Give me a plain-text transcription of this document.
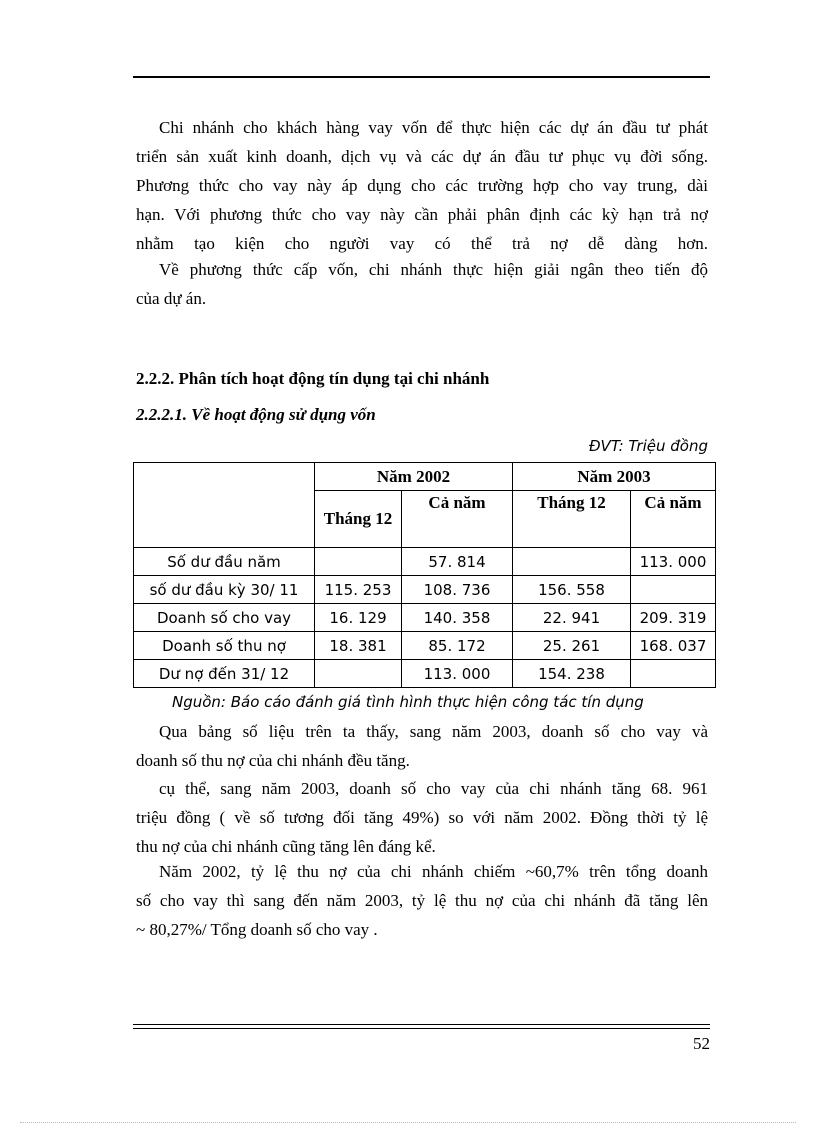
Chi nhánh cho khách hàng vay vốn để thực hiện các dự án đầu tư phát
triển sản xuất kinh doanh, dịch vụ và các dự án đầu tư phục vụ đời sống.
Phương thức cho vay này áp dụng cho các trường hợp cho vay trung, dài
hạn. Với phương thức cho vay này cần phải phân định các kỳ hạn trả nợ
nhằm tạo kiện cho người vay có thể trả nợ dễ dàng hơn.
Về phương thức cấp vốn, chi nhánh thực hiện giải ngân theo tiến độ
của dự án.
2.2.2. Phân tích hoạt động tín dụng tại chi nhánh
2.2.2.1. Về hoạt động sử dụng vốn
ĐVT: Triệu đồng
	Năm 2002		Năm 2003	
	Tháng 12	Cả năm	Tháng 12	Cả năm
Số dư đầu năm		57. 814		113. 000
số dư đầu kỳ 30/ 11	115. 253	108. 736	156. 558	
Doanh số cho vay	16. 129	140. 358	22. 941	209. 319
Doanh số thu nợ	18. 381	85. 172	25. 261	168. 037
Dư nợ đến 31/ 12		113. 000	154. 238	
Nguồn: Báo cáo đánh giá tình hình thực hiện công tác tín dụng
Qua bảng số liệu trên ta thấy, sang năm 2003, doanh số cho vay và
doanh số thu nợ của chi nhánh đều tăng.
cụ thể, sang năm 2003, doanh số cho vay của chi nhánh tăng 68. 961
triệu đồng ( về số tương đối tăng 49%) so với năm 2002. Đồng thời tỷ lệ
thu nợ của chi nhánh cũng tăng lên đáng kể.
Năm 2002, tỷ lệ thu nợ của chi nhánh chiếm ~60,7% trên tổng doanh
số cho vay thì sang đến năm 2003, tỷ lệ thu nợ của chi nhánh đã tăng lên
~ 80,27%/ Tổng doanh số cho vay .
52
